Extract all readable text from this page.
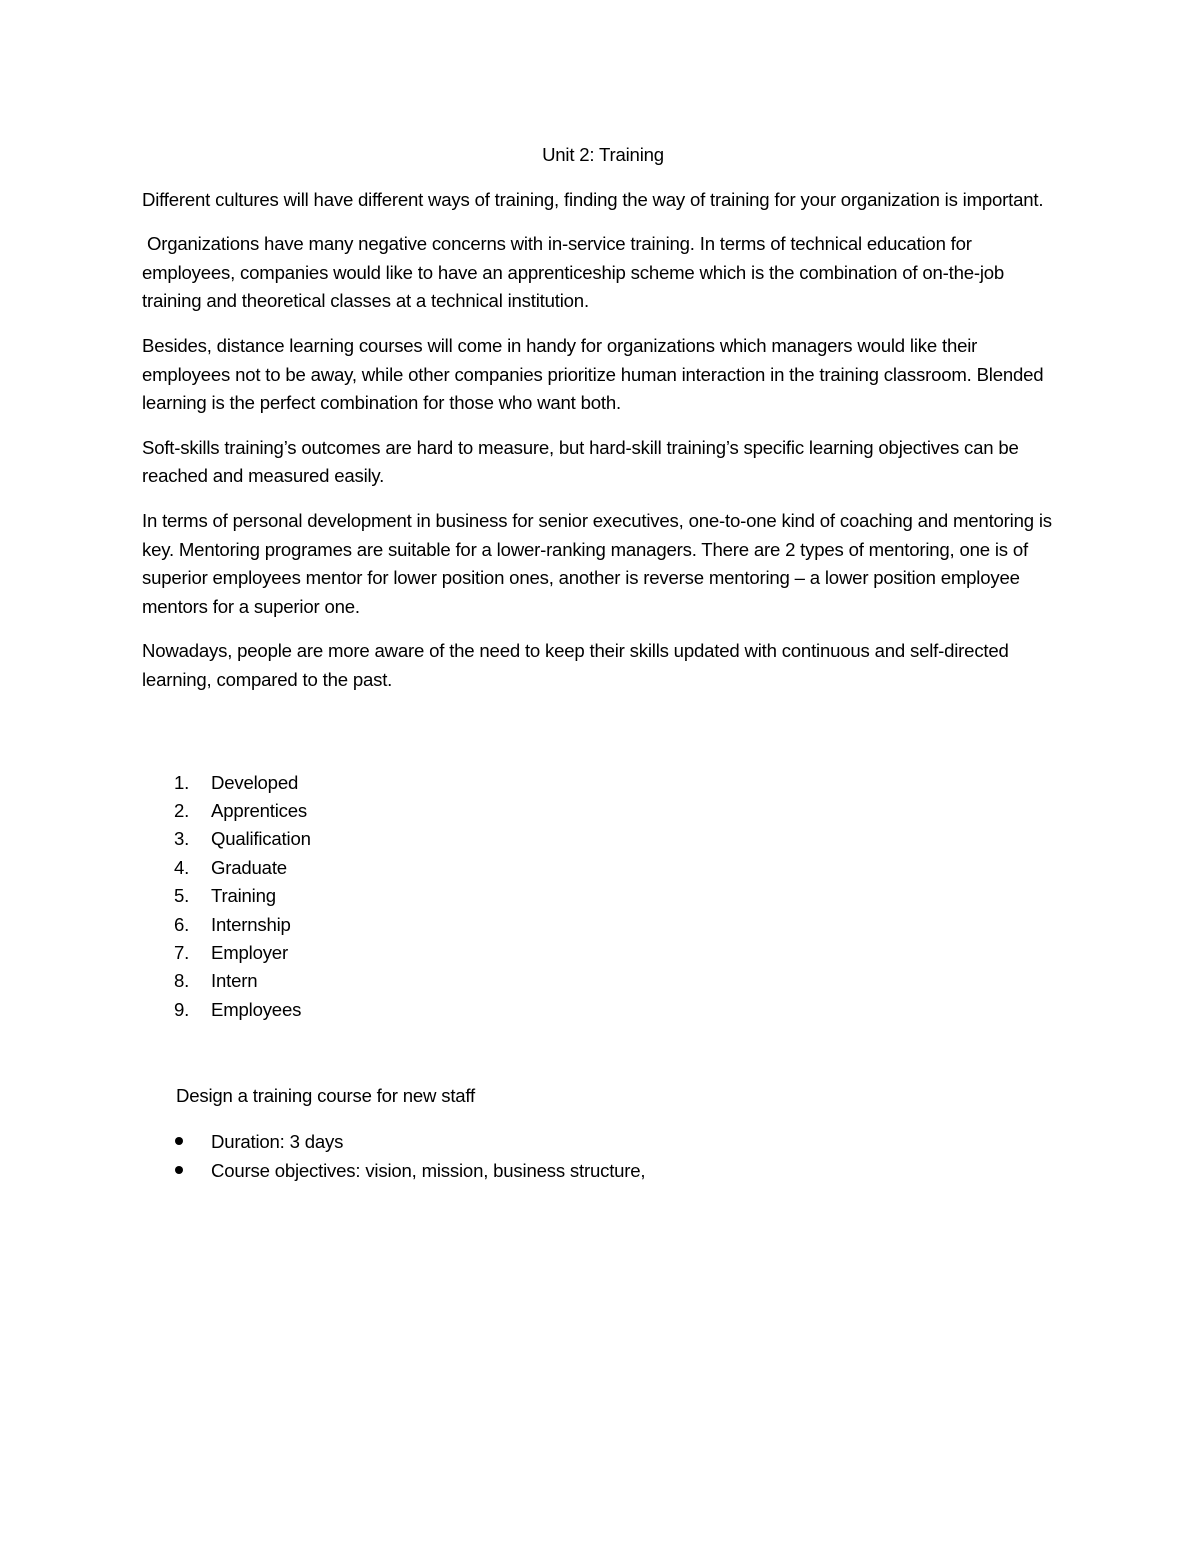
Unit 2: Training

Different cultures will have different ways of training, finding the way of training for your organization is important.

Organizations have many negative concerns with in-service training. In terms of technical education for employees, companies would like to have an apprenticeship scheme which is the combination of on-the-job training and theoretical classes at a technical institution.

Besides, distance learning courses will come in handy for organizations which managers would like their employees not to be away, while other companies prioritize human interaction in the training classroom. Blended learning is the perfect combination for those who want both.

Soft-skills training’s outcomes are hard to measure, but hard-skill training’s specific learning objectives can be reached and measured easily.

In terms of personal development in business for senior executives, one-to-one kind of coaching and mentoring is key. Mentoring programes are suitable for a lower-ranking managers. There are 2 types of mentoring, one is of superior employees mentor for lower position ones, another is reverse mentoring – a lower position employee mentors for a superior one.

Nowadays, people are more aware of the need to keep their skills updated with continuous and self-directed learning, compared to the past.

1. Developed
2. Apprentices
3. Qualification
4. Graduate
5. Training
6. Internship
7. Employer
8. Intern
9. Employees

Design a training course for new staff

Duration: 3 days
Course objectives: vision, mission, business structure,
